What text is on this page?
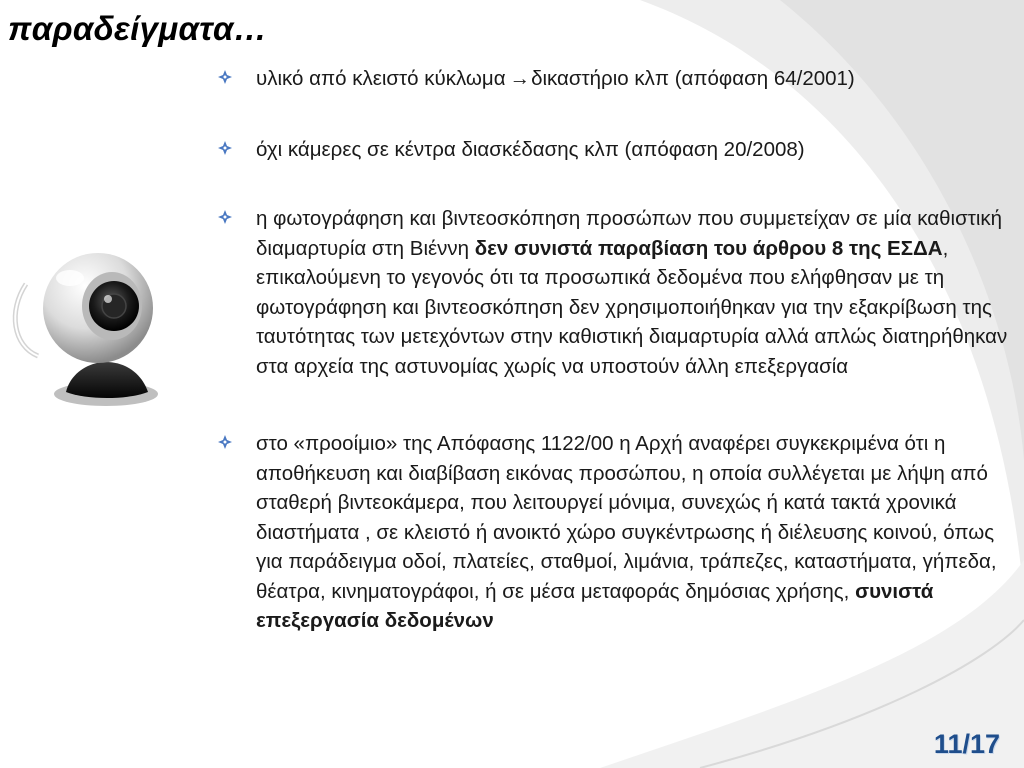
παραδείγματα…
υλικό από κλειστό κύκλωμα →δικαστήριο κλπ (απόφαση 64/2001)
όχι κάμερες σε κέντρα διασκέδασης κλπ (απόφαση 20/2008)
η φωτογράφηση και βιντεοσκόπηση προσώπων που συμμετείχαν σε μία καθιστική διαμαρτυρία στη Βιέννη δεν συνιστά παραβίαση του άρθρου 8 της ΕΣΔΑ, επικαλούμενη το γεγονός ότι τα προσωπικά δεδομένα που ελήφθησαν με τη φωτογράφηση και βιντεοσκόπηση δεν χρησιμοποιήθηκαν για την εξακρίβωση της ταυτότητας των μετεχόντων στην καθιστική διαμαρτυρία αλλά απλώς διατηρήθηκαν στα αρχεία της αστυνομίας χωρίς να υποστούν άλλη επεξεργασία
στο «προοίμιο» της Απόφασης 1122/00 η Αρχή αναφέρει συγκεκριμένα ότι η αποθήκευση και διαβίβαση εικόνας προσώπου, η οποία συλλέγεται με λήψη από σταθερή βιντεοκάμερα, που λειτουργεί μόνιμα, συνεχώς ή κατά τακτά χρονικά διαστήματα , σε κλειστό ή ανοικτό χώρο συγκέντρωσης ή διέλευσης κοινού, όπως για παράδειγμα οδοί, πλατείες, σταθμοί, λιμάνια, τράπεζες, καταστήματα, γήπεδα, θέατρα, κινηματογράφοι, ή σε μέσα μεταφοράς δημόσιας χρήσης, συνιστά επεξεργασία δεδομένων
11/17
